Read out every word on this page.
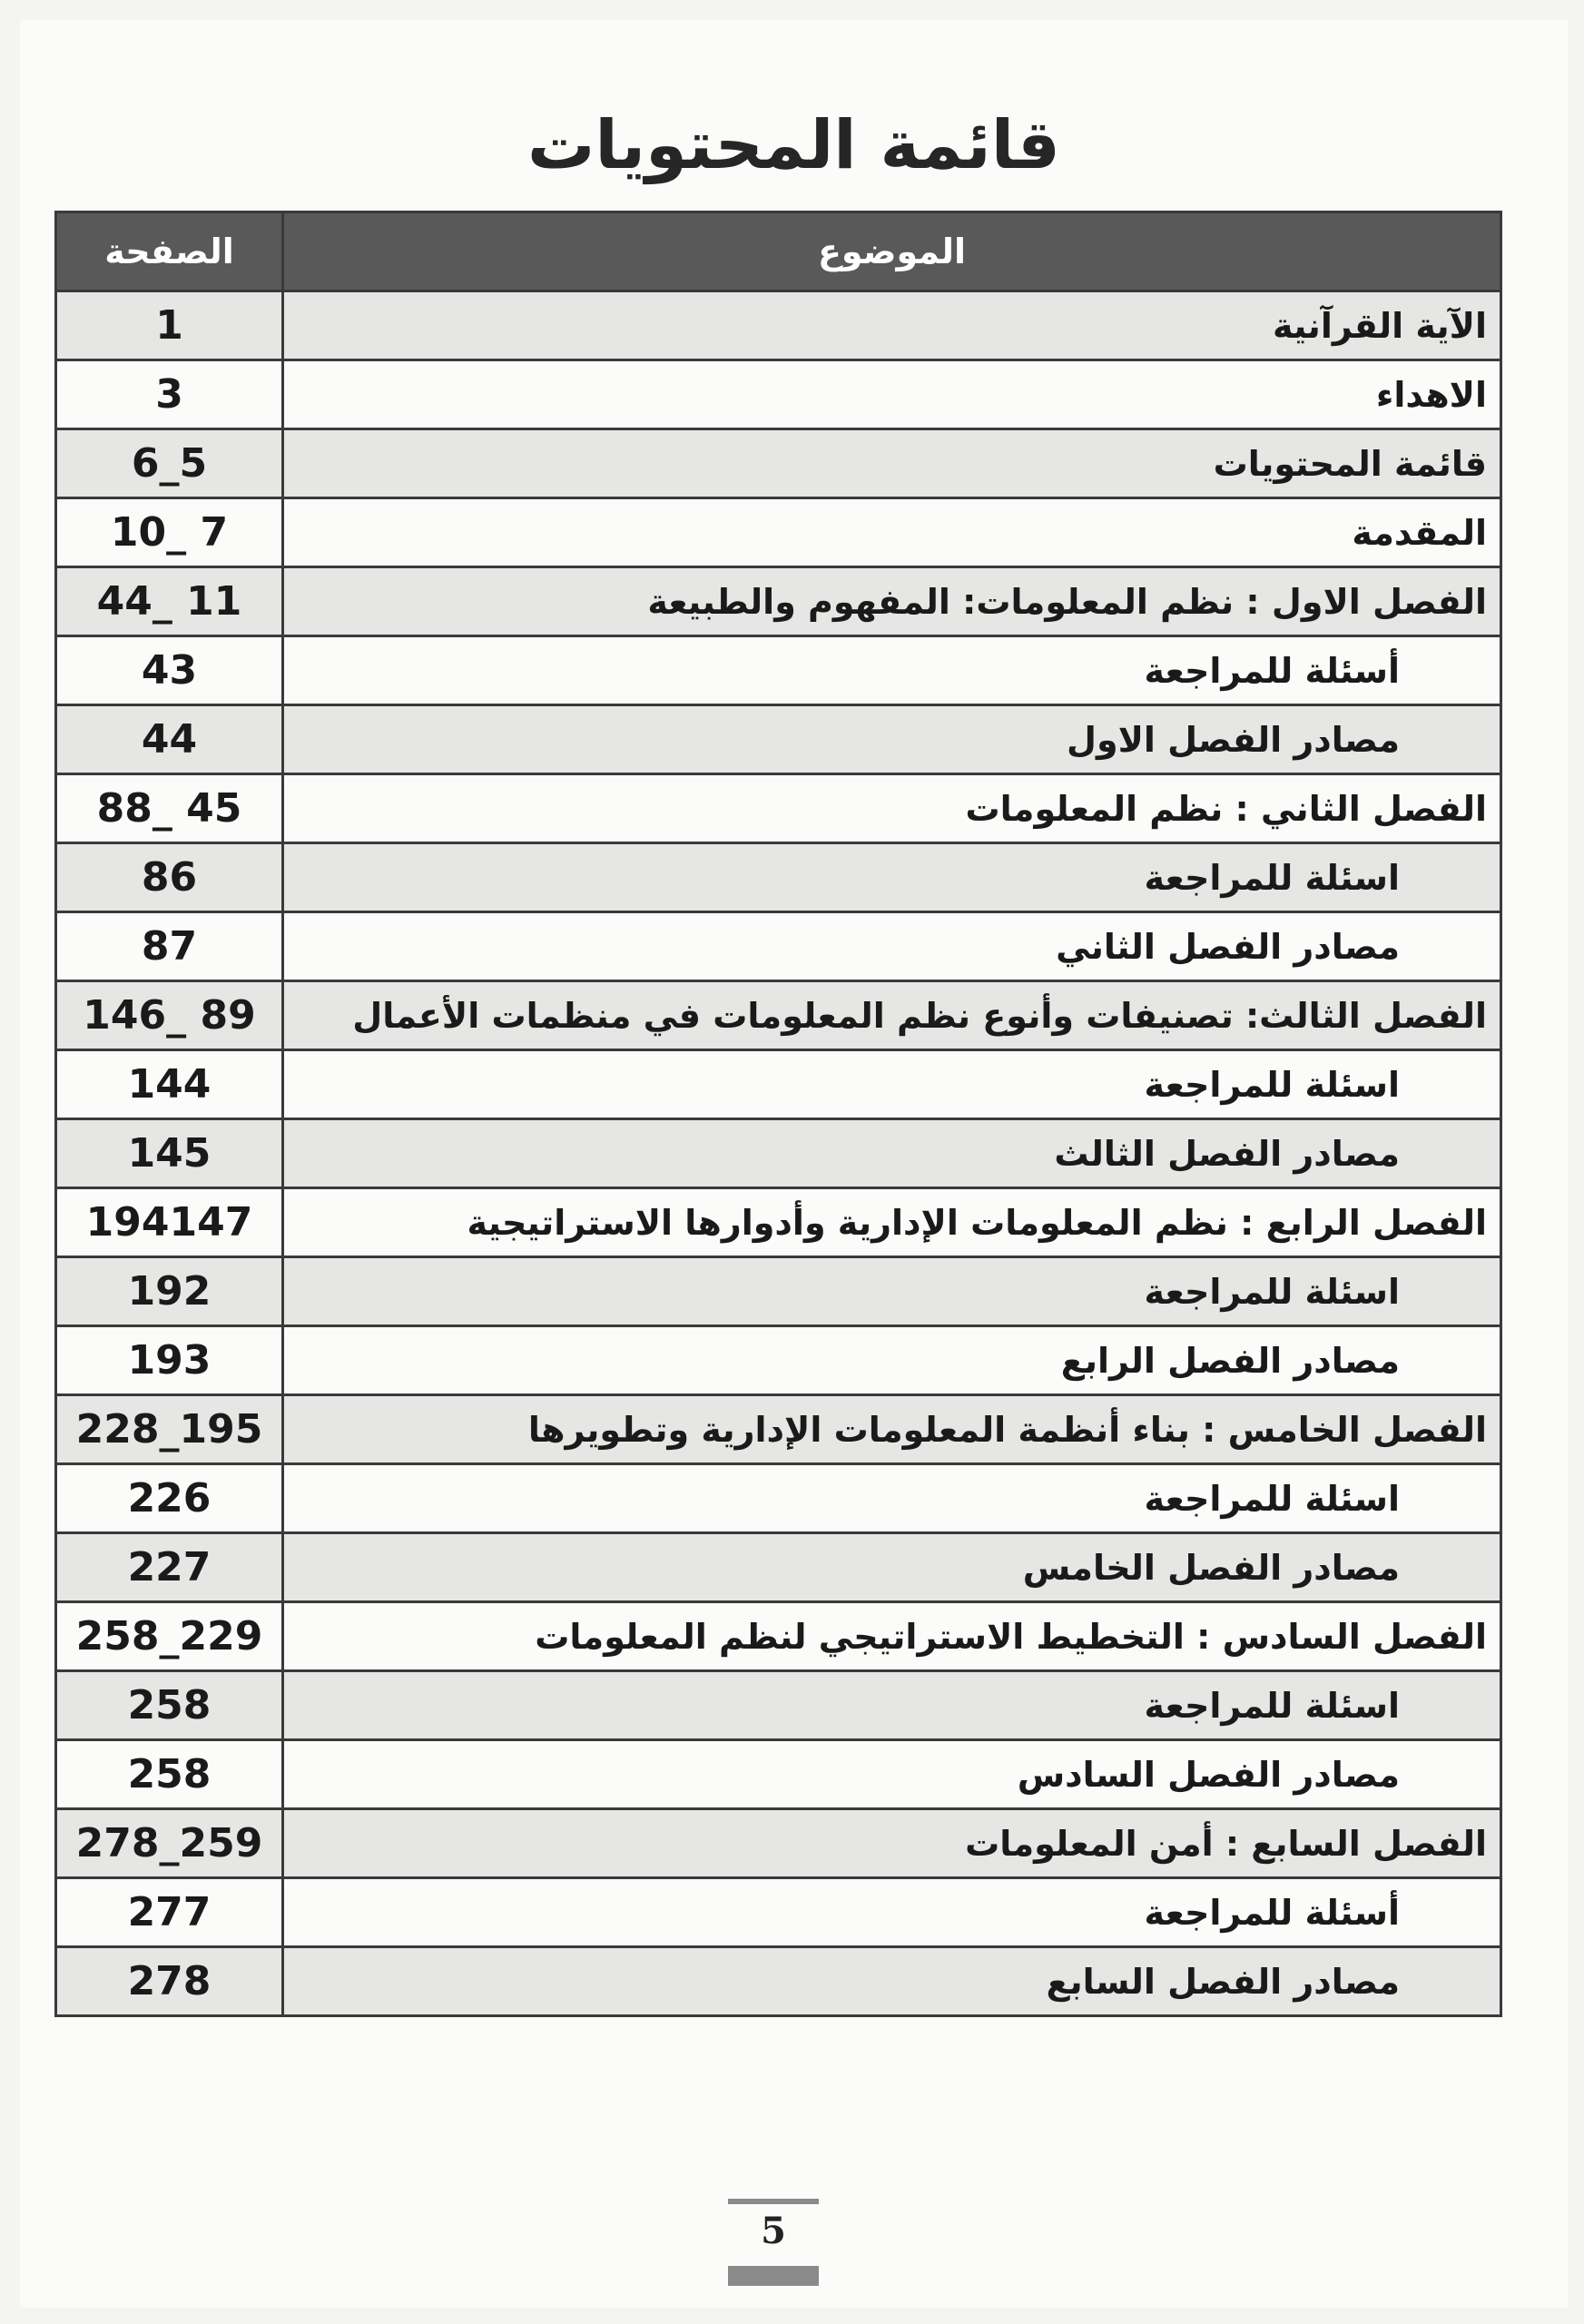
قائمة المحتويات
الموضوع	الصفحة
الآية القرآنية	1
الاهداء	3
قائمة المحتويات	6_5
المقدمة	10_ 7
الفصل الاول : نظم المعلومات: المفهوم والطبيعة	44_ 11
أسئلة للمراجعة	43
مصادر الفصل الاول	44
الفصل الثاني : نظم المعلومات	88_ 45
اسئلة للمراجعة	86
مصادر الفصل الثاني	87
الفصل الثالث: تصنيفات وأنوع نظم المعلومات في منظمات الأعمال	146_ 89
اسئلة للمراجعة	144
مصادر الفصل الثالث	145
الفصل الرابع : نظم المعلومات الإدارية وأدوارها الاستراتيجية	194147
اسئلة للمراجعة	192
مصادر الفصل الرابع	193
الفصل الخامس : بناء أنظمة المعلومات الإدارية وتطويرها	228_195
اسئلة للمراجعة	226
مصادر الفصل الخامس	227
الفصل السادس : التخطيط الاستراتيجي لنظم المعلومات	258_229
اسئلة للمراجعة	258
مصادر الفصل السادس	258
الفصل السابع : أمن المعلومات	278_259
أسئلة للمراجعة	277
مصادر الفصل السابع	278
5
